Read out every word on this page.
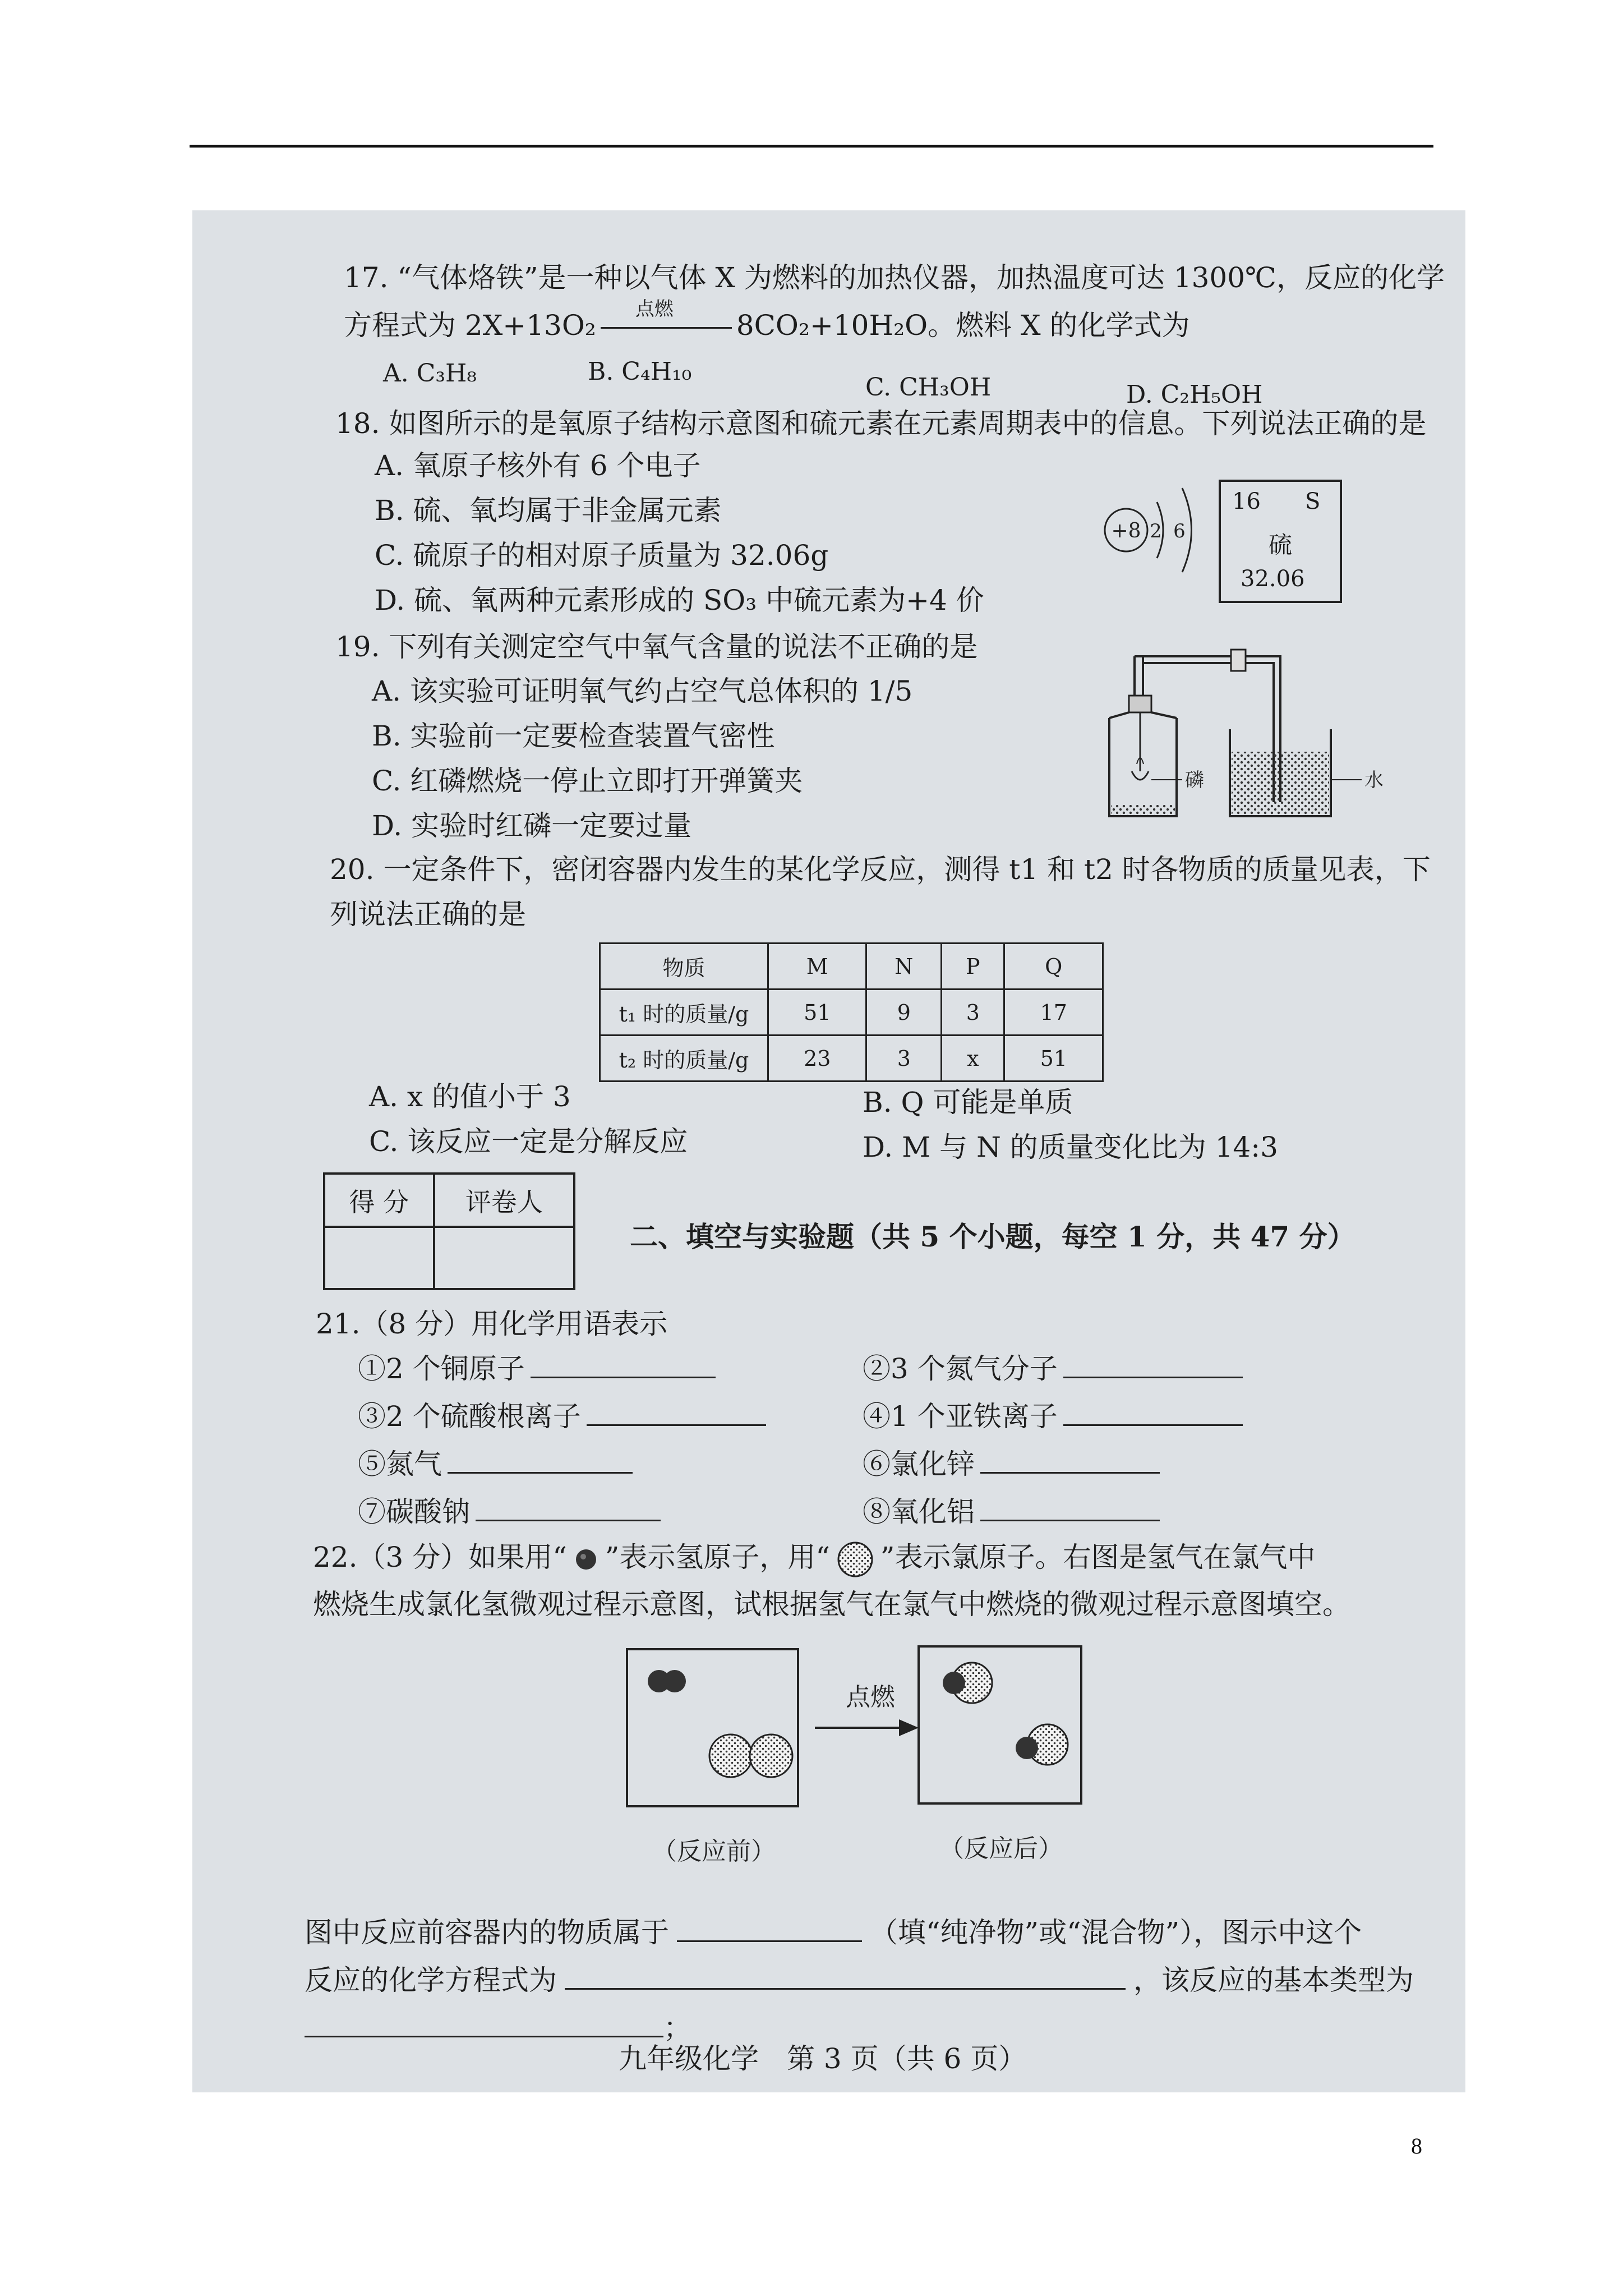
17. “气体烙铁”是一种以气体 X 为燃料的加热仪器，加热温度可达 1300℃，反应的化学
方程式为 2X+13O₂ 点燃 8CO₂+10H₂O。燃料 X 的化学式为
A. C₃H₈	B. C₄H₁₀
C. CH₃OH	D. C₂H₅OH
18. 如图所示的是氧原子结构示意图和硫元素在元素周期表中的信息。下列说法正确的是
A. 氧原子核外有 6 个电子
B. 硫、氧均属于非金属元素
C. 硫原子的相对原子质量为 32.06g
D. 硫、氧两种元素形成的 SO₃ 中硫元素为+4 价
+8 2 6
16 S
硫
32.06
19. 下列有关测定空气中氧气含量的说法不正确的是
A. 该实验可证明氧气约占空气总体积的 1/5
B. 实验前一定要检查装置气密性
C. 红磷燃烧一停止立即打开弹簧夹
D. 实验时红磷一定要过量
磷	水
20. 一定条件下，密闭容器内发生的某化学反应，测得 t1 和 t2 时各物质的质量见表，下
列说法正确的是
物质	M	N	P	Q
t₁ 时的质量/g	51	9	3	17
t₂ 时的质量/g	23	3	x	51
A. x 的值小于 3	B. Q 可能是单质
C. 该反应一定是分解反应	D. M 与 N 的质量变化比为 14:3
得 分	评卷人

二、填空与实验题（共 5 个小题，每空 1 分，共 47 分）
21.（8 分）用化学用语表示
①2 个铜原子	②3 个氮气分子
③2 个硫酸根离子	④1 个亚铁离子
⑤氮气	⑥氯化锌
⑦碳酸钠	⑧氧化铝
22.（3 分）如果用“ ”表示氢原子，用“ ”表示氯原子。右图是氢气在氯气中
燃烧生成氯化氢微观过程示意图，试根据氢气在氯气中燃烧的微观过程示意图填空。
点燃
（反应前）	（反应后）
图中反应前容器内的物质属于	（填“纯净物”或“混合物”），图示中这个
反应的化学方程式为	，该反应的基本类型为
；
九年级化学　第 3 页（共 6 页）
8
